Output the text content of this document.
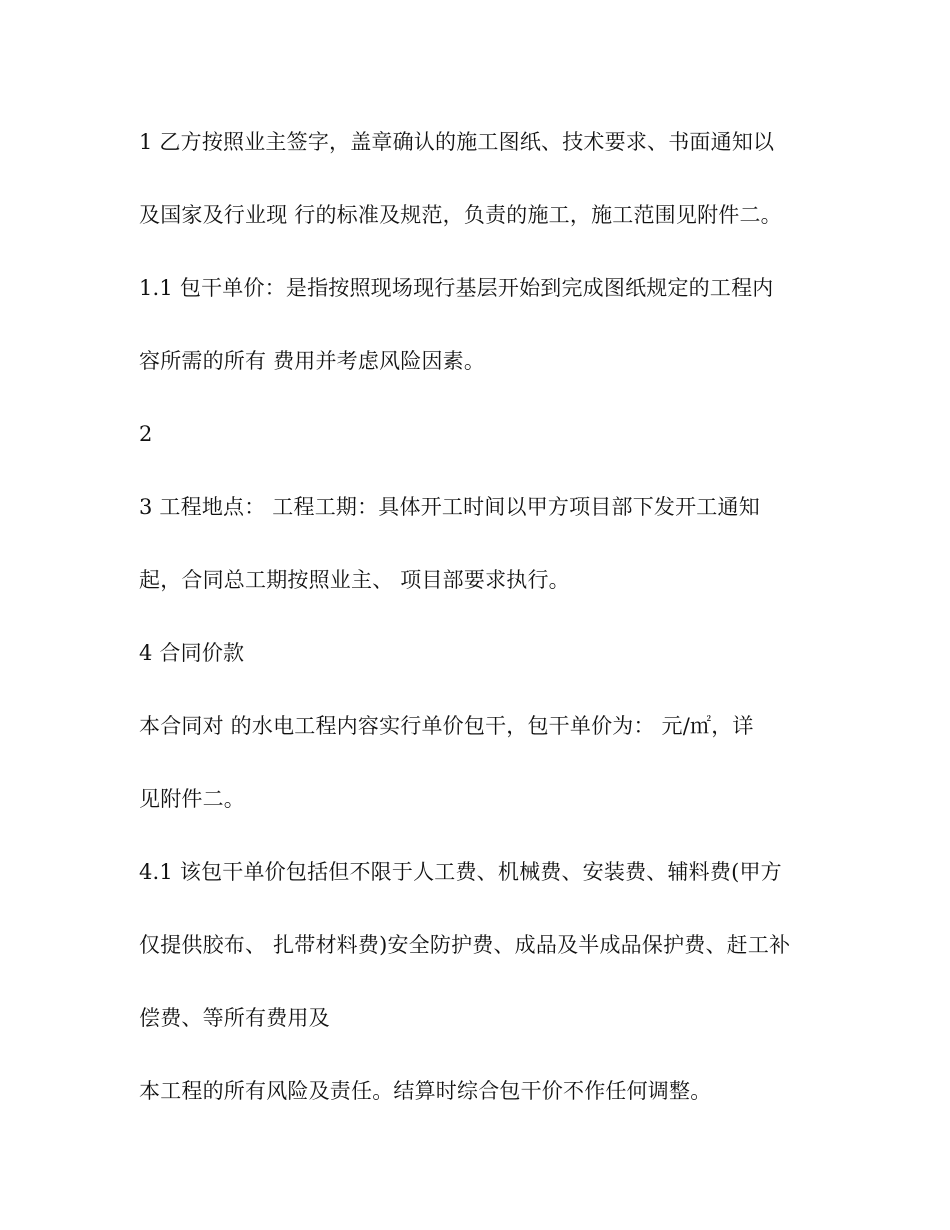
1 乙方按照业主签字，盖章确认的施工图纸、技术要求、书面通知以
及国家及行业现 行的标准及规范，负责的施工，施工范围见附件二。
1.1 包干单价：是指按照现场现行基层开始到完成图纸规定的工程内
容所需的所有 费用并考虑风险因素。
2
3 工程地点： 工程工期：具体开工时间以甲方项目部下发开工通知
起，合同总工期按照业主、 项目部要求执行。
4 合同价款
本合同对 的水电工程内容实行单价包干，包干单价为： 元/㎡，详
见附件二。
4.1 该包干单价包括但不限于人工费、机械费、安装费、辅料费(甲方
仅提供胶布、 扎带材料费)安全防护费、成品及半成品保护费、赶工补
偿费、等所有费用及
本工程的所有风险及责任。结算时综合包干价不作任何调整。
